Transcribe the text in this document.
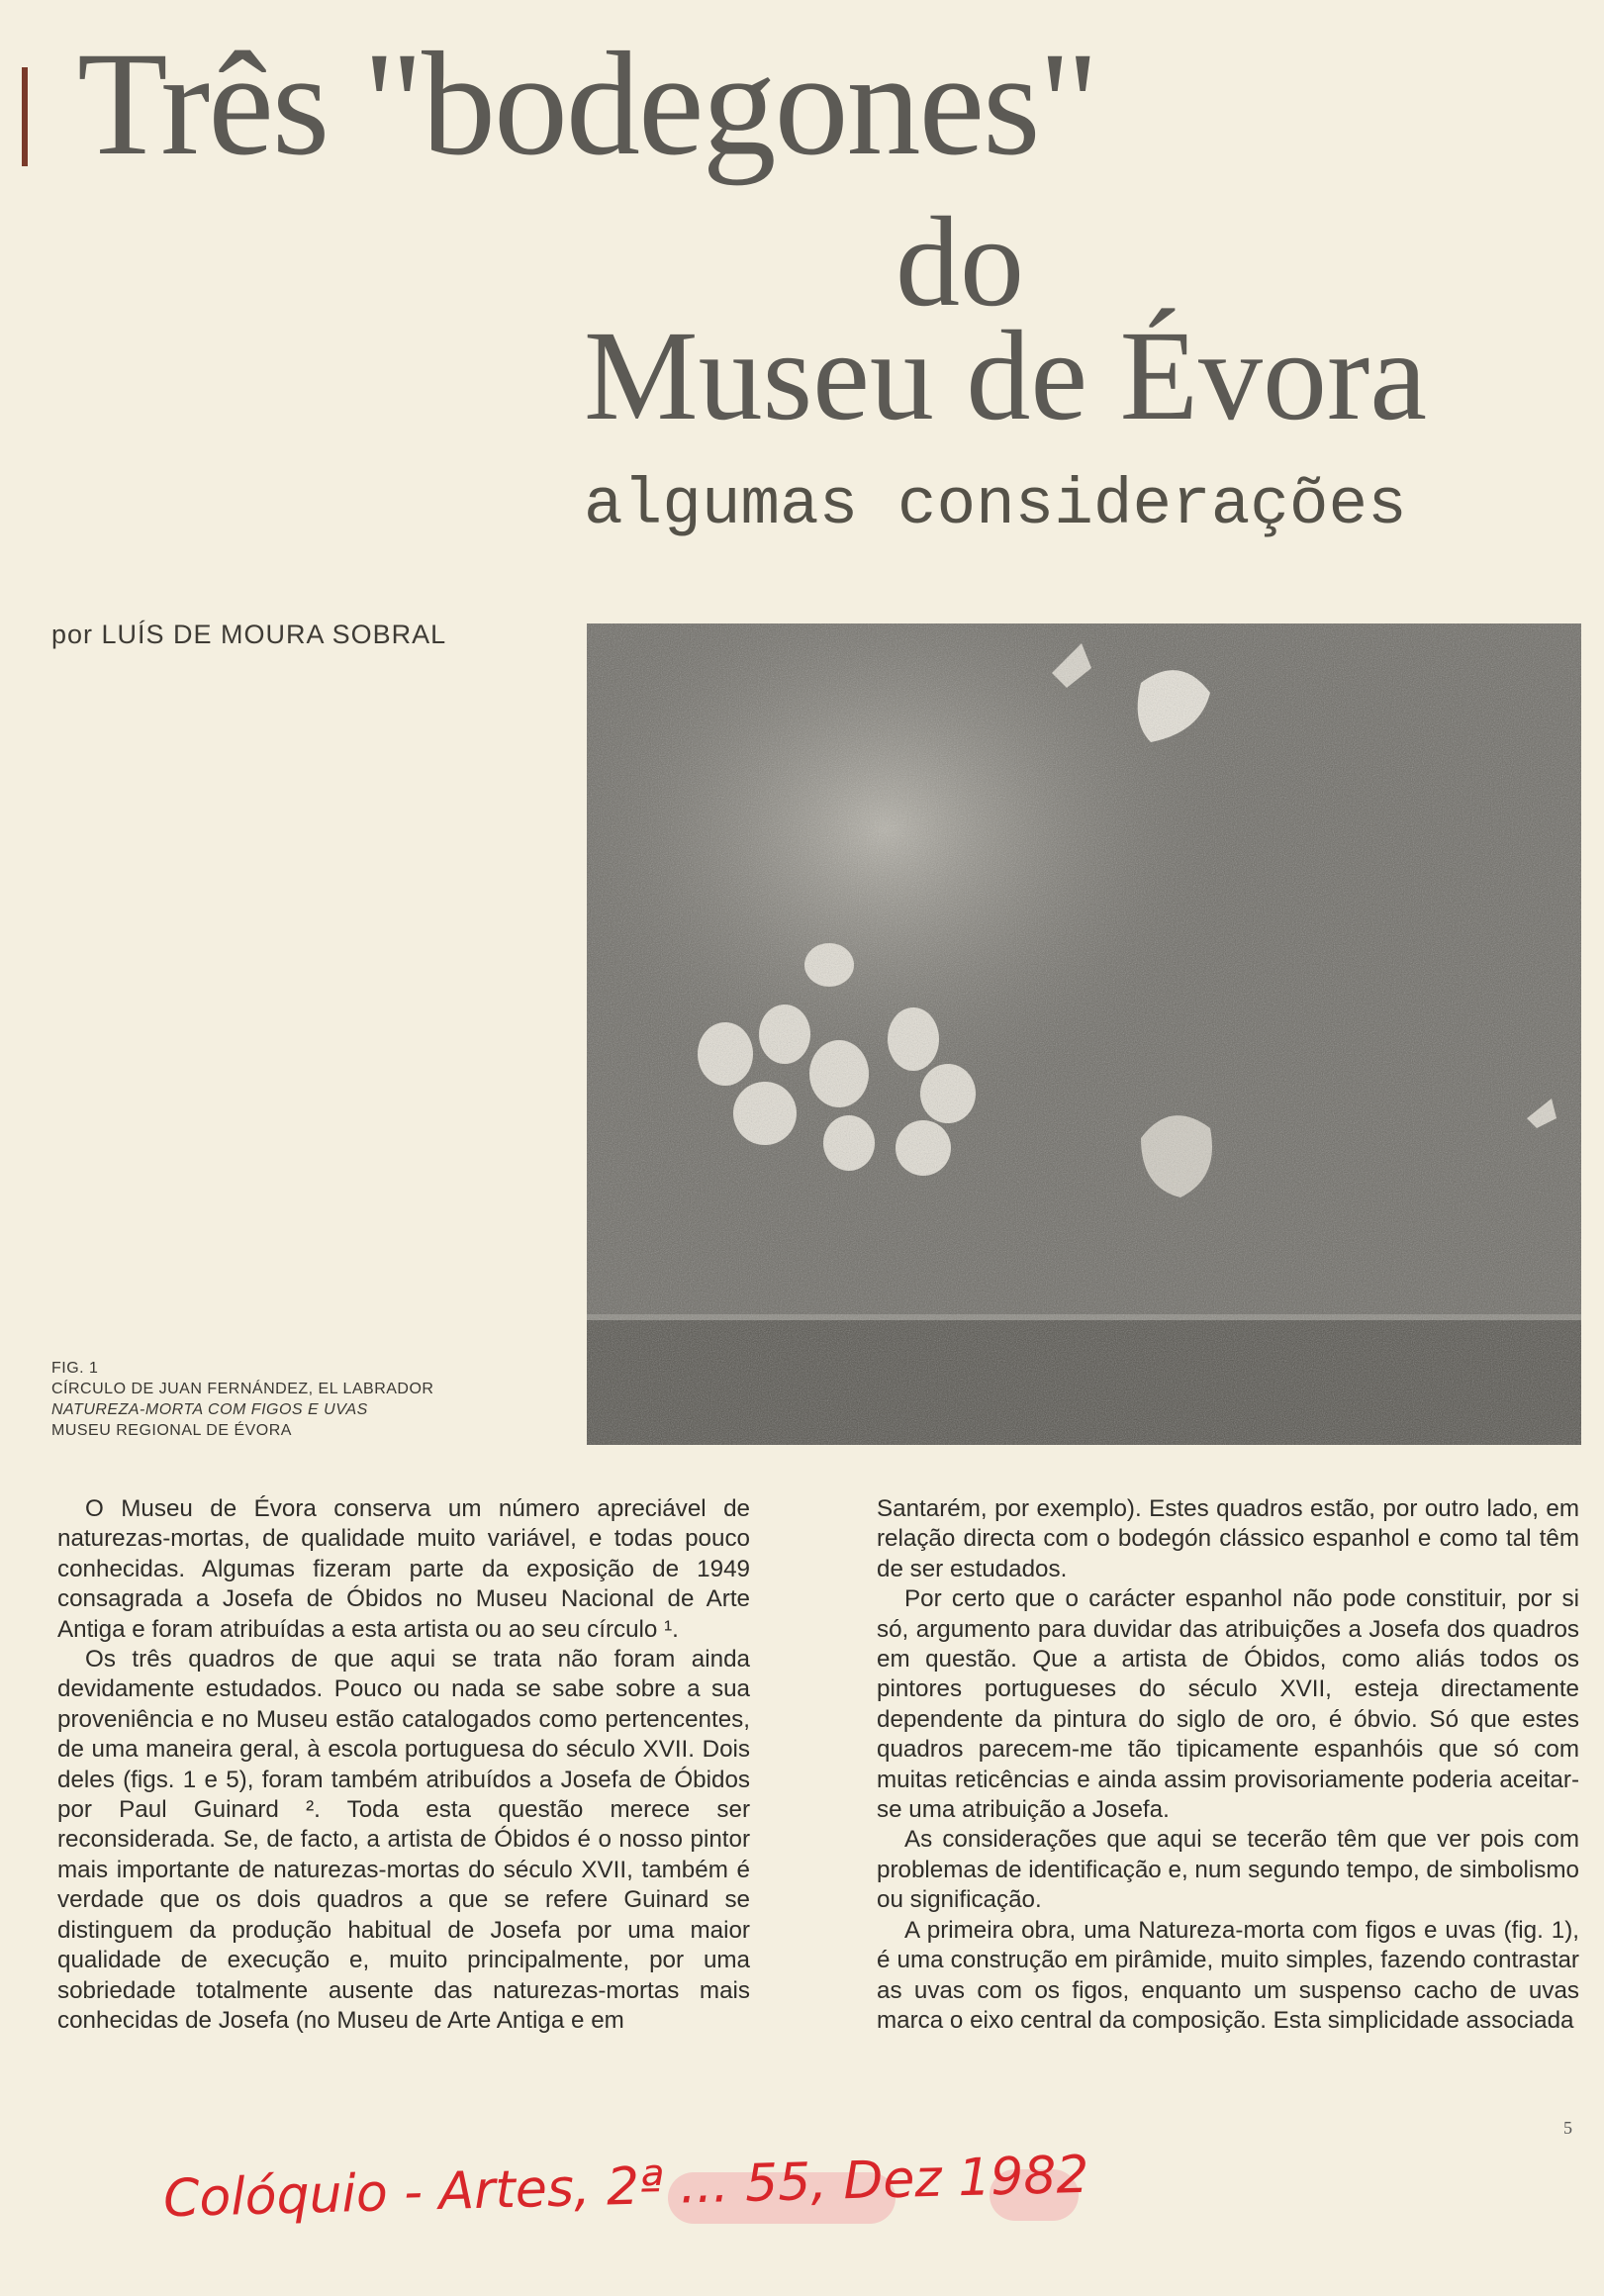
Três "bodegones"
do
Museu de Évora
algumas considerações
por LUÍS DE MOURA SOBRAL
FIG. 1
CÍRCULO DE JUAN FERNÁNDEZ, EL LABRADOR
NATUREZA-MORTA COM FIGOS E UVAS
MUSEU REGIONAL DE ÉVORA

O Museu de Évora conserva um número apreciável de naturezas-mortas, de qualidade muito variável, e todas pouco conhecidas. Algumas fizeram parte da exposição de 1949 consagrada a Josefa de Óbidos no Museu Nacional de Arte Antiga e foram atribuídas a esta artista ou ao seu círculo ¹.

Os três quadros de que aqui se trata não foram ainda devidamente estudados. Pouco ou nada se sabe sobre a sua proveniência e no Museu estão catalogados como pertencentes, de uma maneira geral, à escola portuguesa do século XVII. Dois deles (figs. 1 e 5), foram também atribuídos a Josefa de Óbidos por Paul Guinard ². Toda esta questão merece ser reconsiderada. Se, de facto, a artista de Óbidos é o nosso pintor mais importante de naturezas-mortas do século XVII, também é verdade que os dois quadros a que se refere Guinard se distinguem da produção habitual de Josefa por uma maior qualidade de execução e, muito principalmente, por uma sobriedade totalmente ausente das naturezas-mortas mais conhecidas de Josefa (no Museu de Arte Antiga e em

Santarém, por exemplo). Estes quadros estão, por outro lado, em relação directa com o bodegón clássico espanhol e como tal têm de ser estudados.

Por certo que o carácter espanhol não pode constituir, por si só, argumento para duvidar das atribuições a Josefa dos quadros em questão. Que a artista de Óbidos, como aliás todos os pintores portugueses do século XVII, esteja directamente dependente da pintura do siglo de oro, é óbvio. Só que estes quadros parecem-me tão tipicamente espanhóis que só com muitas reticências e ainda assim provisoriamente poderia aceitar-se uma atribuição a Josefa.

As considerações que aqui se tecerão têm que ver pois com problemas de identificação e, num segundo tempo, de simbolismo ou significação.

A primeira obra, uma Natureza-morta com figos e uvas (fig. 1), é uma construção em pirâmide, muito simples, fazendo contrastar as uvas com os figos, enquanto um suspenso cacho de uvas marca o eixo central da composição. Esta simplicidade associada

5
Colóquio - Artes, 2ª ... 55, Dez 1982
